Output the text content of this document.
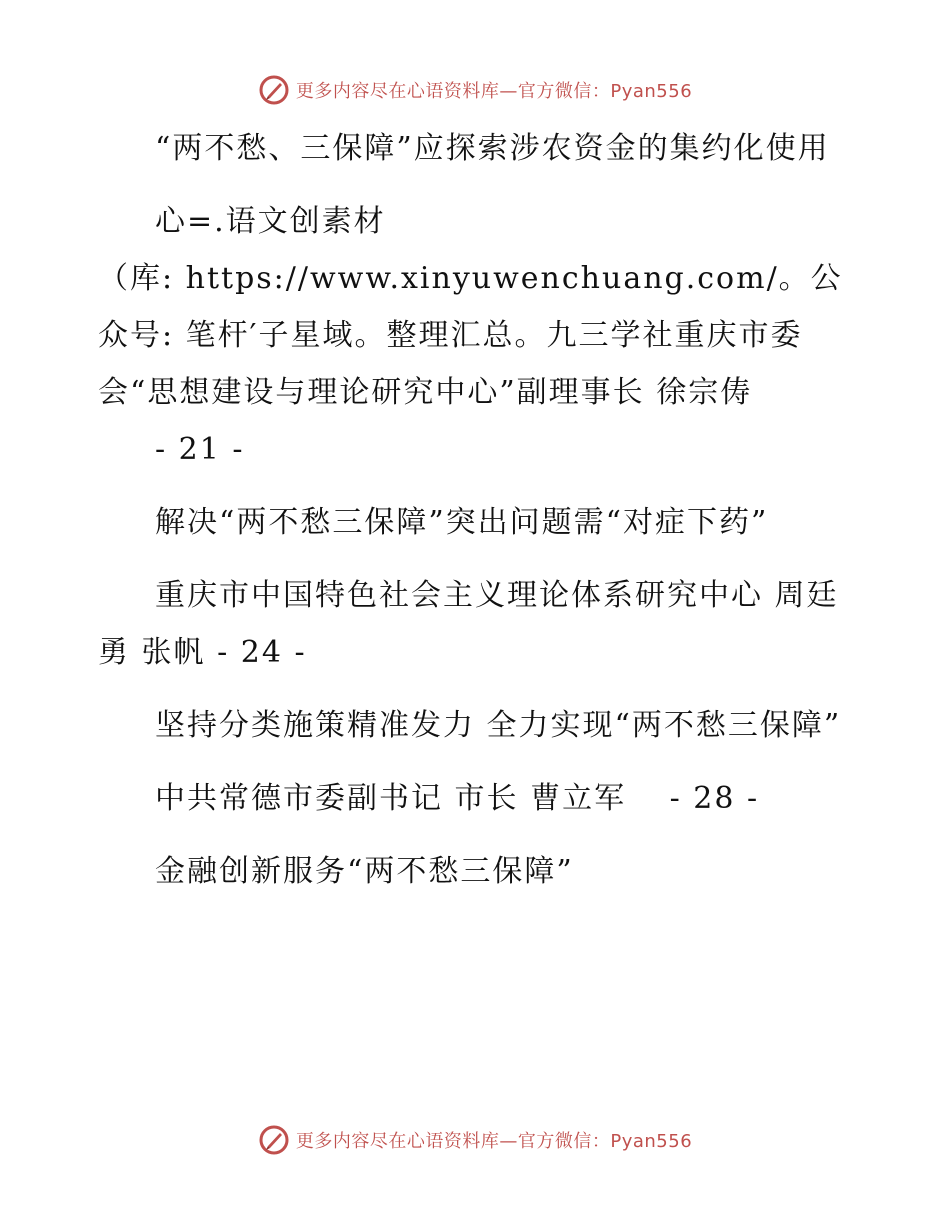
更多内容尽在心语资料库—官方微信：Pyan556

“两不愁、三保障”应探索涉农资金的集约化使用

心=.语文创素材

（库: https://www.xinyuwenchuang.com/。公众号: 笔杆′子星域。整理汇总。九三学社重庆市委会“思想建设与理论研究中心”副理事长 徐宗俦

- 21 -

解决“两不愁三保障”突出问题需“对症下药”

重庆市中国特色社会主义理论体系研究中心 周廷勇 张帆 - 24 -

坚持分类施策精准发力 全力实现“两不愁三保障”

中共常德市委副书记 市长 曹立军　 - 28 -

金融创新服务“两不愁三保障”

更多内容尽在心语资料库—官方微信：Pyan556
